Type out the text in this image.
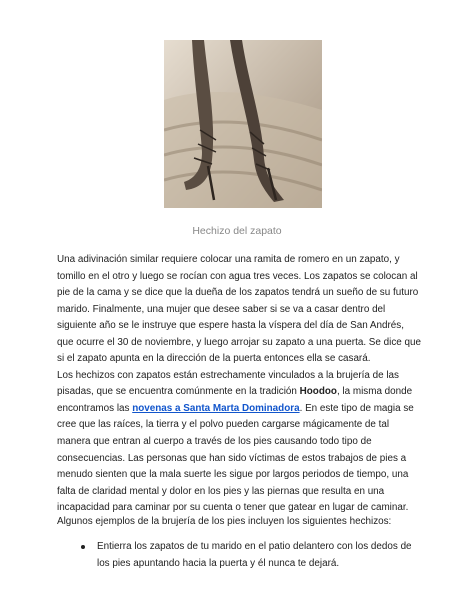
Hechizo del zapato

Una adivinación similar requiere colocar una ramita de romero en un zapato, y tomillo en el otro y luego se rocían con agua tres veces. Los zapatos se colocan al pie de la cama y se dice que la dueña de los zapatos tendrá un sueño de su futuro marido. Finalmente, una mujer que desee saber si se va a casar dentro del siguiente año se le instruye que espere hasta la víspera del día de San Andrés, que ocurre el 30 de noviembre, y luego arrojar su zapato a una puerta. Se dice que si el zapato apunta en la dirección de la puerta entonces ella se casará.
Los hechizos con zapatos están estrechamente vinculados a la brujería de las pisadas, que se encuentra comúnmente en la tradición Hoodoo, la misma donde encontramos las novenas a Santa Marta Dominadora. En este tipo de magia se cree que las raíces, la tierra y el polvo pueden cargarse mágicamente de tal manera que entran al cuerpo a través de los pies causando todo tipo de consecuencias. Las personas que han sido víctimas de estos trabajos de pies a menudo sienten que la mala suerte les sigue por largos periodos de tiempo, una falta de claridad mental y dolor en los pies y las piernas que resulta en una incapacidad para caminar por su cuenta o tener que gatear en lugar de caminar.

Algunos ejemplos de la brujería de los pies incluyen los siguientes hechizos:

Entierra los zapatos de tu marido en el patio delantero con los dedos de los pies apuntando hacia la puerta y él nunca te dejará.
